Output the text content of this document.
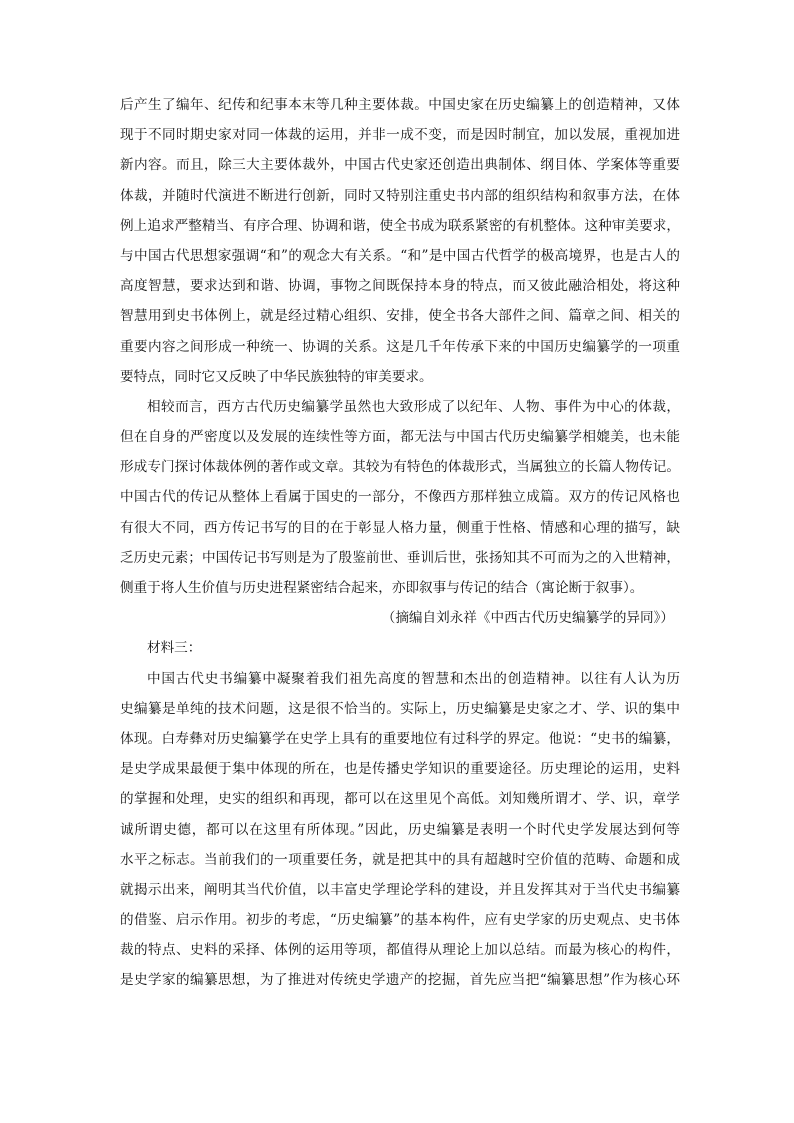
后产生了编年、纪传和纪事本末等几种主要体裁。中国史家在历史编纂上的创造精神，又体
现于不同时期史家对同一体裁的运用，并非一成不变，而是因时制宜，加以发展，重视加进
新内容。而且，除三大主要体裁外，中国古代史家还创造出典制体、纲目体、学案体等重要
体裁，并随时代演进不断进行创新，同时又特别注重史书内部的组织结构和叙事方法，在体
例上追求严整精当、有序合理、协调和谐，使全书成为联系紧密的有机整体。这种审美要求，
与中国古代思想家强调“和”的观念大有关系。“和”是中国古代哲学的极高境界，也是古人的
高度智慧，要求达到和谐、协调，事物之间既保持本身的特点，而又彼此融洽相处，将这种
智慧用到史书体例上，就是经过精心组织、安排，使全书各大部件之间、篇章之间、相关的
重要内容之间形成一种统一、协调的关系。这是几千年传承下来的中国历史编纂学的一项重
要特点，同时它又反映了中华民族独特的审美要求。
相较而言，西方古代历史编纂学虽然也大致形成了以纪年、人物、事件为中心的体裁，
但在自身的严密度以及发展的连续性等方面，都无法与中国古代历史编纂学相媲美，也未能
形成专门探讨体裁体例的著作或文章。其较为有特色的体裁形式，当属独立的长篇人物传记。
中国古代的传记从整体上看属于国史的一部分，不像西方那样独立成篇。双方的传记风格也
有很大不同，西方传记书写的目的在于彰显人格力量，侧重于性格、情感和心理的描写，缺
乏历史元素；中国传记书写则是为了殷鉴前世、垂训后世，张扬知其不可而为之的入世精神，
侧重于将人生价值与历史进程紧密结合起来，亦即叙事与传记的结合（寓论断于叙事）。
（摘编自刘永祥《中西古代历史编纂学的异同》）
材料三：
中国古代史书编纂中凝聚着我们祖先高度的智慧和杰出的创造精神。以往有人认为历
史编纂是单纯的技术问题，这是很不恰当的。实际上，历史编纂是史家之才、学、识的集中
体现。白寿彝对历史编纂学在史学上具有的重要地位有过科学的界定。他说：“史书的编纂，
是史学成果最便于集中体现的所在，也是传播史学知识的重要途径。历史理论的运用，史料
的掌握和处理，史实的组织和再现，都可以在这里见个高低。刘知幾所谓才、学、识，章学
诚所谓史德，都可以在这里有所体现。”因此，历史编纂是表明一个时代史学发展达到何等
水平之标志。当前我们的一项重要任务，就是把其中的具有超越时空价值的范畴、命题和成
就揭示出来，阐明其当代价值，以丰富史学理论学科的建设，并且发挥其对于当代史书编纂
的借鉴、启示作用。初步的考虑，“历史编纂”的基本构件，应有史学家的历史观点、史书体
裁的特点、史料的采择、体例的运用等项，都值得从理论上加以总结。而最为核心的构件，
是史学家的编纂思想，为了推进对传统史学遗产的挖掘，首先应当把“编纂思想”作为核心环
